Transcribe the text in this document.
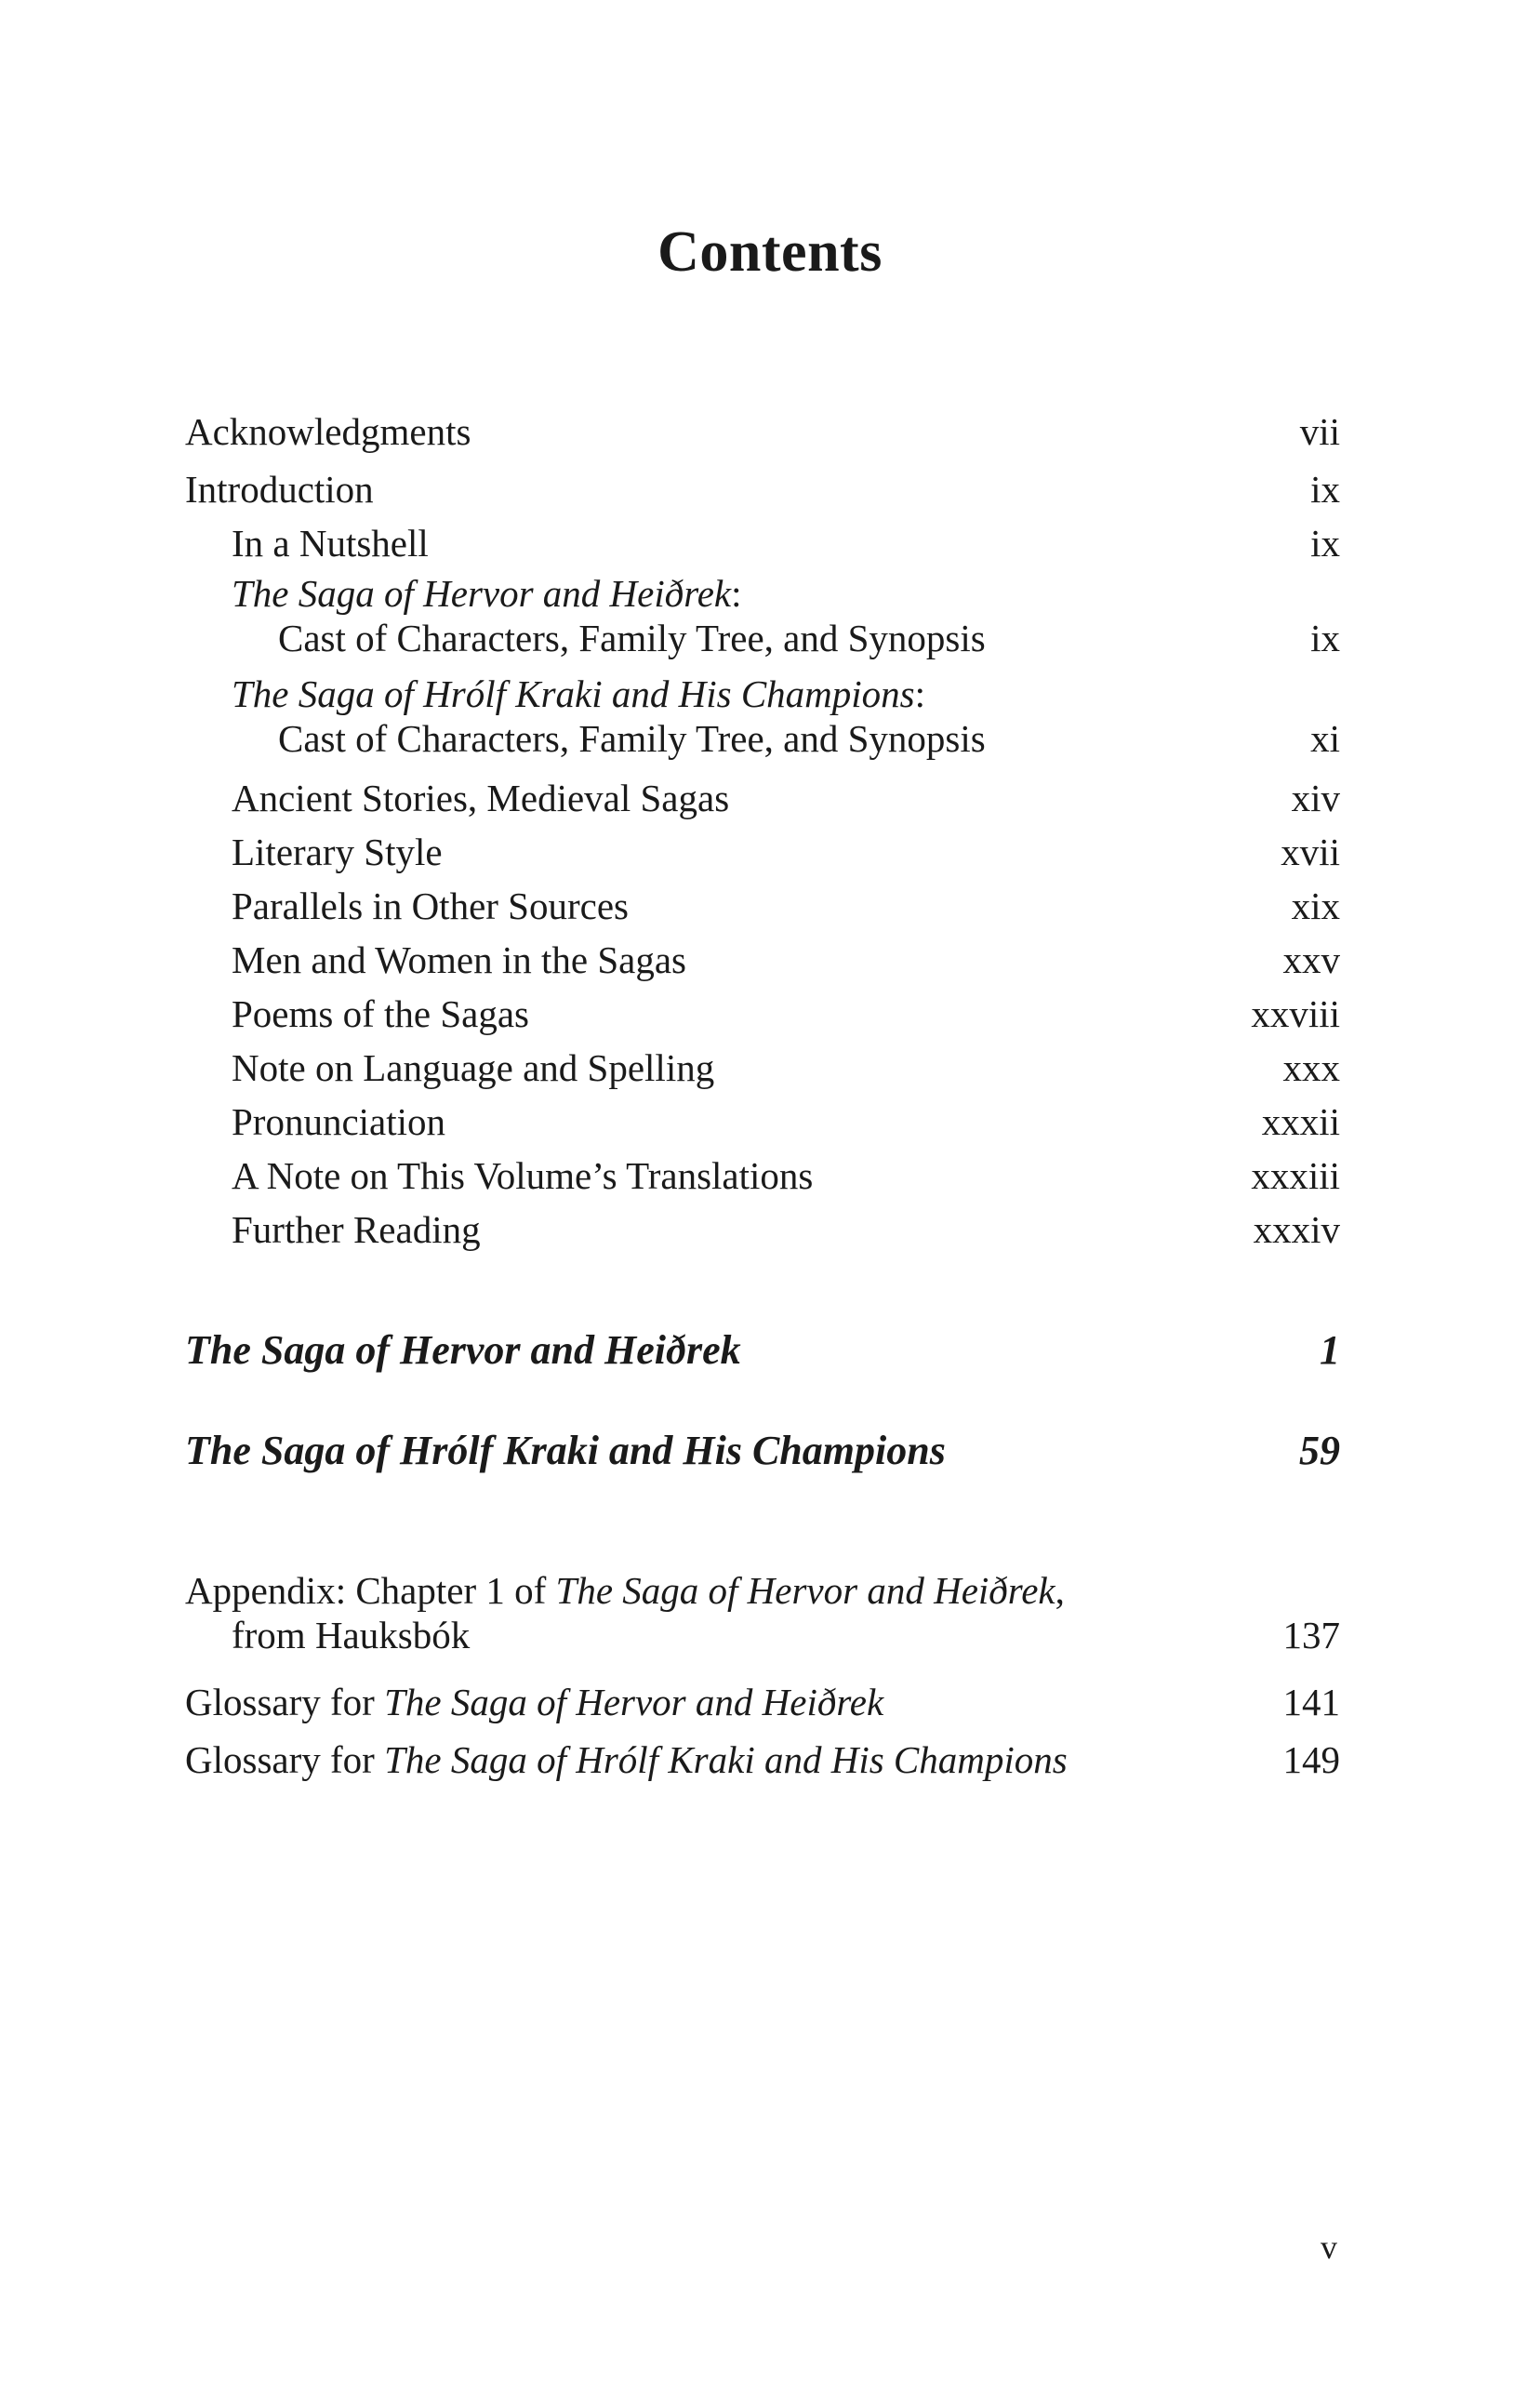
Contents
Acknowledgments	vii
Introduction	ix
In a Nutshell	ix
The Saga of Hervor and Heiðrek:
Cast of Characters, Family Tree, and Synopsis	ix
The Saga of Hrólf Kraki and His Champions:
Cast of Characters, Family Tree, and Synopsis	xi
Ancient Stories, Medieval Sagas	xiv
Literary Style	xvii
Parallels in Other Sources	xix
Men and Women in the Sagas	xxv
Poems of the Sagas	xxviii
Note on Language and Spelling	xxx
Pronunciation	xxxii
A Note on This Volume’s Translations	xxxiii
Further Reading	xxxiv
The Saga of Hervor and Heiðrek	1
The Saga of Hrólf Kraki and His Champions	59
Appendix: Chapter 1 of The Saga of Hervor and Heiðrek,
from Hauksbók	137
Glossary for The Saga of Hervor and Heiðrek	141
Glossary for The Saga of Hrólf Kraki and His Champions	149
v
